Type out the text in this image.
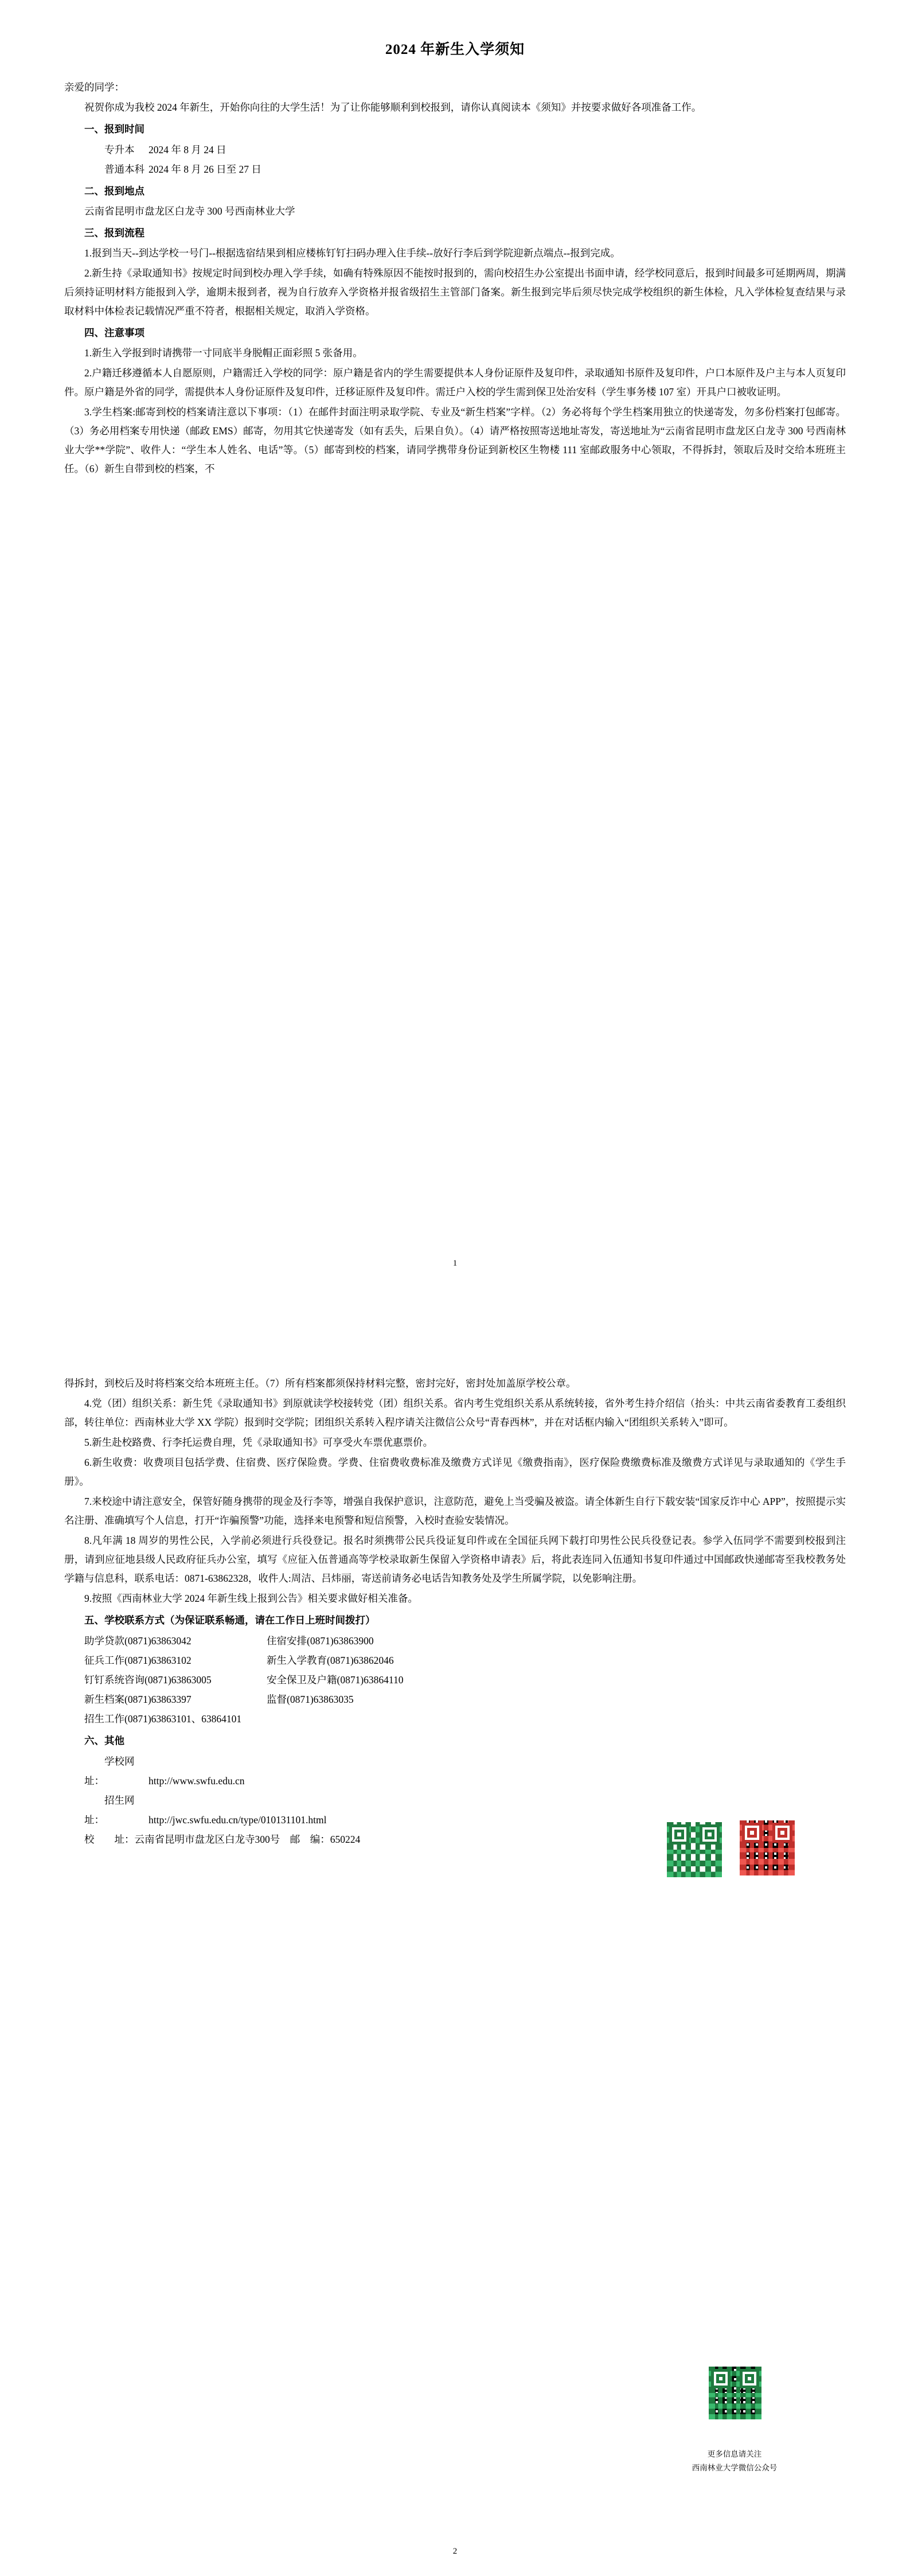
2024 年新生入学须知

亲爱的同学：

祝贺你成为我校 2024 年新生，开始你向往的大学生活！为了让你能够顺利到校报到，请你认真阅读本《须知》并按要求做好各项准备工作。

一、报到时间

专升本 2024 年 8 月 24 日

普通本科 2024 年 8 月 26 日至 27 日

二、报到地点

云南省昆明市盘龙区白龙寺 300 号西南林业大学

三、报到流程

1.报到当天--到达学校一号门--根据选宿结果到相应楼栋钉钉扫码办理入住手续--放好行李后到学院迎新点端点--报到完成。

2.新生持《录取通知书》按规定时间到校办理入学手续，如确有特殊原因不能按时报到的，需向校招生办公室提出书面申请，经学校同意后，报到时间最多可延期两周，期满后须持证明材料方能报到入学，逾期未报到者，视为自行放弃入学资格并报省级招生主管部门备案。新生报到完毕后须尽快完成学校组织的新生体检，凡入学体检复查结果与录取材料中体检表记载情况严重不符者，根据相关规定，取消入学资格。

四、注意事项

1.新生入学报到时请携带一寸同底半身脱帽正面彩照 5 张备用。

2.户籍迁移遵循本人自愿原则，户籍需迁入学校的同学：原户籍是省内的学生需要提供本人身份证原件及复印件，录取通知书原件及复印件，户口本原件及户主与本人页复印件。原户籍是外省的同学，需提供本人身份证原件及复印件，迁移证原件及复印件。需迁户入校的学生需到保卫处治安科（学生事务楼 107 室）开具户口被收证明。

3.学生档案:邮寄到校的档案请注意以下事项：（1）在邮件封面注明录取学院、专业及“新生档案”字样。（2）务必将每个学生档案用独立的快递寄发，勿多份档案打包邮寄。（3）务必用档案专用快递（邮政 EMS）邮寄，勿用其它快递寄发（如有丢失，后果自负）。（4）请严格按照寄送地址寄发，寄送地址为“云南省昆明市盘龙区白龙寺 300 号西南林业大学**学院”、收件人：“学生本人姓名、电话”等。（5）邮寄到校的档案，请同学携带身份证到新校区生物楼 111 室邮政服务中心领取，不得拆封，领取后及时交给本班班主任。（6）新生自带到校的档案，不

1

得拆封，到校后及时将档案交给本班班主任。（7）所有档案都须保持材料完整，密封完好，密封处加盖原学校公章。

4.党（团）组织关系：新生凭《录取通知书》到原就读学校接转党（团）组织关系。省内考生党组织关系从系统转接，省外考生持介绍信（抬头：中共云南省委教育工委组织部，转往单位：西南林业大学 XX 学院）报到时交学院；团组织关系转入程序请关注微信公众号“青春西林”，并在对话框内输入“团组织关系转入”即可。

5.新生赴校路费、行李托运费自理，凭《录取通知书》可享受火车票优惠票价。

6.新生收费：收费项目包括学费、住宿费、医疗保险费。学费、住宿费收费标准及缴费方式详见《缴费指南》，医疗保险费缴费标准及缴费方式详见与录取通知的《学生手册》。

7.来校途中请注意安全，保管好随身携带的现金及行李等，增强自我保护意识，注意防范，避免上当受骗及被盗。请全体新生自行下载安装“国家反诈中心 APP”，按照提示实名注册、准确填写个人信息，打开“诈骗预警”功能，选择来电预警和短信预警，入校时查验安装情况。

8.凡年满 18 周岁的男性公民，入学前必须进行兵役登记。报名时须携带公民兵役证复印件或在全国征兵网下载打印男性公民兵役登记表。参学入伍同学不需要到校报到注册，请到应征地县级人民政府征兵办公室，填写《应征入伍普通高等学校录取新生保留入学资格申请表》后，将此表连同入伍通知书复印件通过中国邮政快递邮寄至我校教务处学籍与信息科，联系电话：0871-63862328，收件人:周洁、吕炜丽，寄送前请务必电话告知教务处及学生所属学院，以免影响注册。

9.按照《西南林业大学 2024 年新生线上报到公告》相关要求做好相关准备。

五、学校联系方式（为保证联系畅通，请在工作日上班时间拨打）

助学贷款(0871)63863042	住宿安排(0871)63863900
征兵工作(0871)63863102	新生入学教育(0871)63862046
钉钉系统咨询(0871)63863005	安全保卫及户籍(0871)63864110
新生档案(0871)63863397	监督(0871)63863035
招生工作(0871)63863101、63864101	

六、其他

学校网址：	http://www.swfu.edu.cn

招生网址：	http://jwc.swfu.edu.cn/type/010131101.html

校　　址：云南省昆明市盘龙区白龙寺300号　邮　编：650224

更多信息请关注
西南林业大学微信公众号
2
